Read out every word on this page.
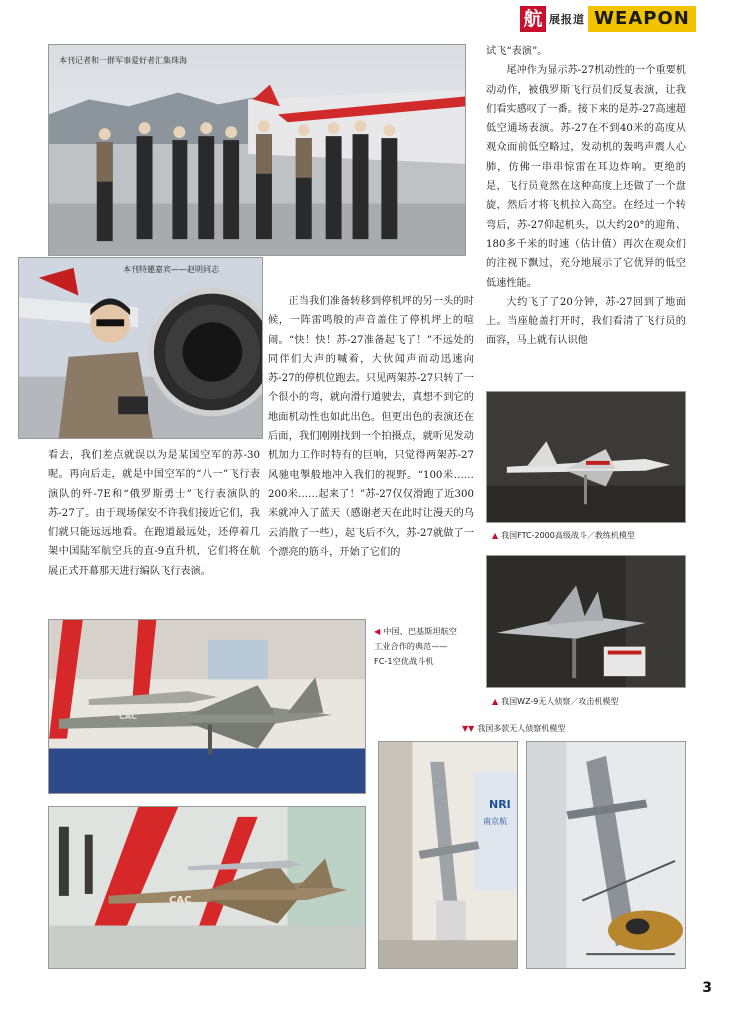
航 展报道 WEAPON
本刊记者和一群军事爱好者汇集珠海
本刊特邀嘉宾——赵明同志

正当我们准备转移到停机坪的另一头的时候，一阵雷鸣般的声音盖住了停机坪上的喧闹。“快！快！苏-27准备起飞了！”不远处的同伴们大声的喊着，大伙闻声而动迅速向苏-27的停机位跑去。只见两架苏-27只转了一个很小的弯，就向滑行道驶去，真想不到它的地面机动性也如此出色。但更出色的表演还在后面，我们刚刚找到一个拍摄点，就听见发动机加力工作时特有的巨响，只觉得两架苏-27风驰电掣般地冲入我们的视野。“100米……200米……起来了！”苏-27仅仅滑跑了近300米就冲入了蓝天（感谢老天在此时让漫天的乌云消散了一些），起飞后不久，苏-27就做了一个漂亮的筋斗，开始了它们的

看去，我们差点就误以为是某国空军的苏-30呢。再向后走，就是中国空军的“八一”飞行表演队的歼-7E和“俄罗斯勇士”飞行表演队的苏-27了。由于现场保安不许我们接近它们，我们就只能远远地看。在跑道最远处，还停着几架中国陆军航空兵的直-9直升机，它们将在航展正式开幕那天进行编队飞行表演。

试飞“表演”。

尾冲作为显示苏-27机动性的一个重要机动动作，被俄罗斯飞行员们反复表演，让我们看实感叹了一番。接下来的是苏-27高速超低空通场表演。苏-27在不到40米的高度从观众面前低空略过，发动机的轰鸣声震人心肺，仿佛一串串惊雷在耳边炸响。更绝的是，飞行员竟然在这种高度上还做了一个盘旋，然后才将飞机拉入高空。在经过一个转弯后，苏-27仰起机头，以大约20°的迎角、180多千米的时速（估计值）再次在观众们的注视下飘过，充分地展示了它优异的低空低速性能。

大约飞了了20分钟，苏-27回到了地面上。当座舱盖打开时，我们看清了飞行员的面容，马上就有认识他

▲ 我国FTC-2000高级战斗／教练机模型
▲ 我国WZ-9无人侦察／攻击机模型
CAC
◀ 中国、巴基斯坦航空工业合作的典范——FC-1空优战斗机
▼▼ 我国多款无人侦察机模型
CAC
NRI
南京航
3
